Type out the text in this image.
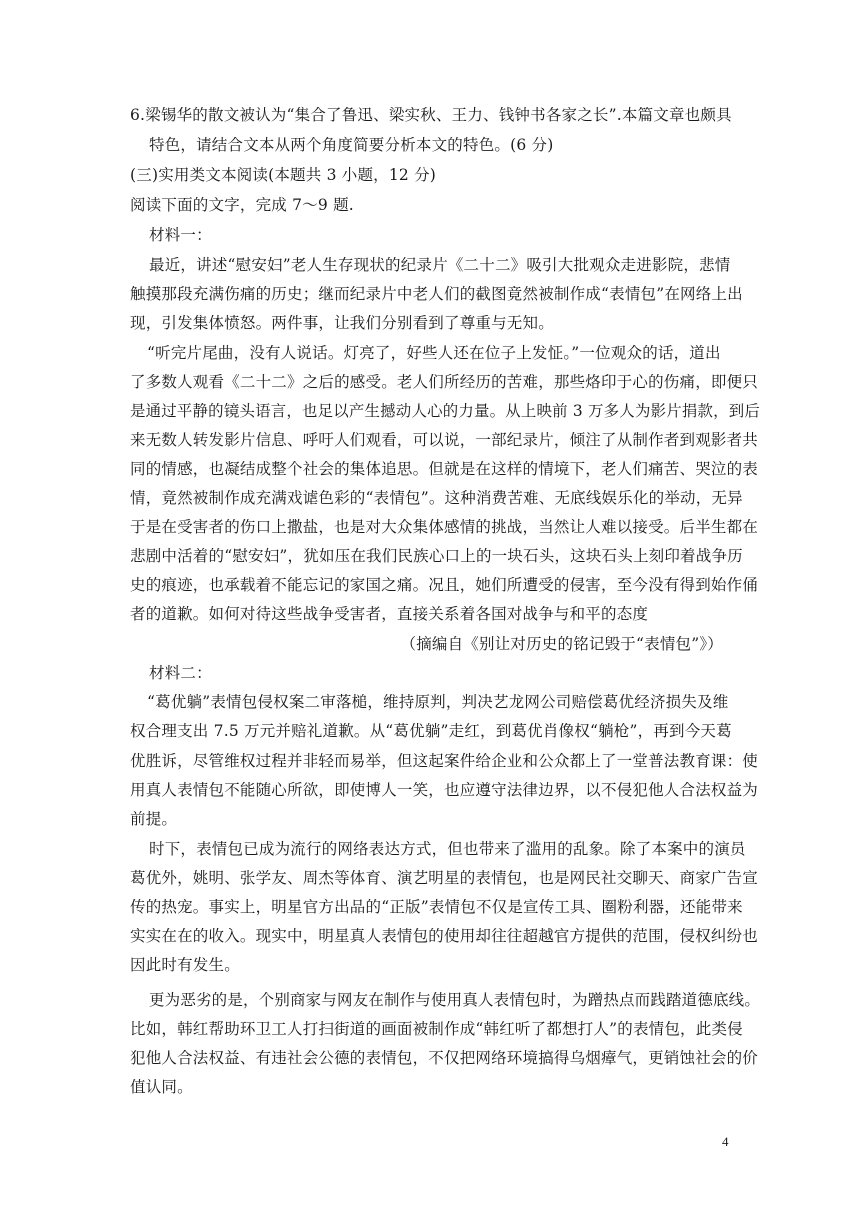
6.梁锡华的散文被认为“集合了鲁迅、梁实秋、王力、钱钟书各家之长”.本篇文章也颇具
特色，请结合文本从两个角度简要分析本文的特色。(6 分)
(三)实用类文本阅读(本题共 3 小题，12 分)
阅读下面的文字，完成 7～9 题.
材料一：
最近，讲述“慰安妇”老人生存现状的纪录片《二十二》吸引大批观众走进影院，悲情
触摸那段充满伤痛的历史；继而纪录片中老人们的截图竟然被制作成“表情包”在网络上出
现，引发集体愤怒。两件事，让我们分别看到了尊重与无知。
“听完片尾曲，没有人说话。灯亮了，好些人还在位子上发怔。”一位观众的话，道出
了多数人观看《二十二》之后的感受。老人们所经历的苦难，那些烙印于心的伤痛，即便只
是通过平静的镜头语言，也足以产生撼动人心的力量。从上映前 3 万多人为影片捐款，到后
来无数人转发影片信息、呼吁人们观看，可以说，一部纪录片，倾注了从制作者到观影者共
同的情感，也凝结成整个社会的集体追思。但就是在这样的情境下，老人们痛苦、哭泣的表
情，竟然被制作成充满戏谑色彩的“表情包”。这种消费苦难、无底线娱乐化的举动，无异
于是在受害者的伤口上撒盐，也是对大众集体感情的挑战，当然让人难以接受。后半生都在
悲剧中活着的“慰安妇”，犹如压在我们民族心口上的一块石头，这块石头上刻印着战争历
史的痕迹，也承载着不能忘记的家国之痛。况且，她们所遭受的侵害，至今没有得到始作俑
者的道歉。如何对待这些战争受害者，直接关系着各国对战争与和平的态度
（摘编自《别让对历史的铭记毁于“表情包”》）
材料二：
“葛优躺”表情包侵权案二审落槌，维持原判，判决艺龙网公司赔偿葛优经济损失及维
权合理支出 7.5 万元并赔礼道歉。从“葛优躺”走红，到葛优肖像权“躺枪”，再到今天葛
优胜诉，尽管维权过程并非轻而易举，但这起案件给企业和公众都上了一堂普法教育课：使
用真人表情包不能随心所欲，即使博人一笑，也应遵守法律边界，以不侵犯他人合法权益为
前提。
时下，表情包已成为流行的网络表达方式，但也带来了滥用的乱象。除了本案中的演员
葛优外，姚明、张学友、周杰等体育、演艺明星的表情包，也是网民社交聊天、商家广告宣
传的热宠。事实上，明星官方出品的“正版”表情包不仅是宣传工具、圈粉利器，还能带来
实实在在的收入。现实中，明星真人表情包的使用却往往超越官方提供的范围，侵权纠纷也
因此时有发生。
更为恶劣的是，个别商家与网友在制作与使用真人表情包时，为蹭热点而践踏道德底线。
比如，韩红帮助环卫工人打扫街道的画面被制作成“韩红听了都想打人”的表情包，此类侵
犯他人合法权益、有违社会公德的表情包，不仅把网络环境搞得乌烟瘴气，更销蚀社会的价
值认同。
4
